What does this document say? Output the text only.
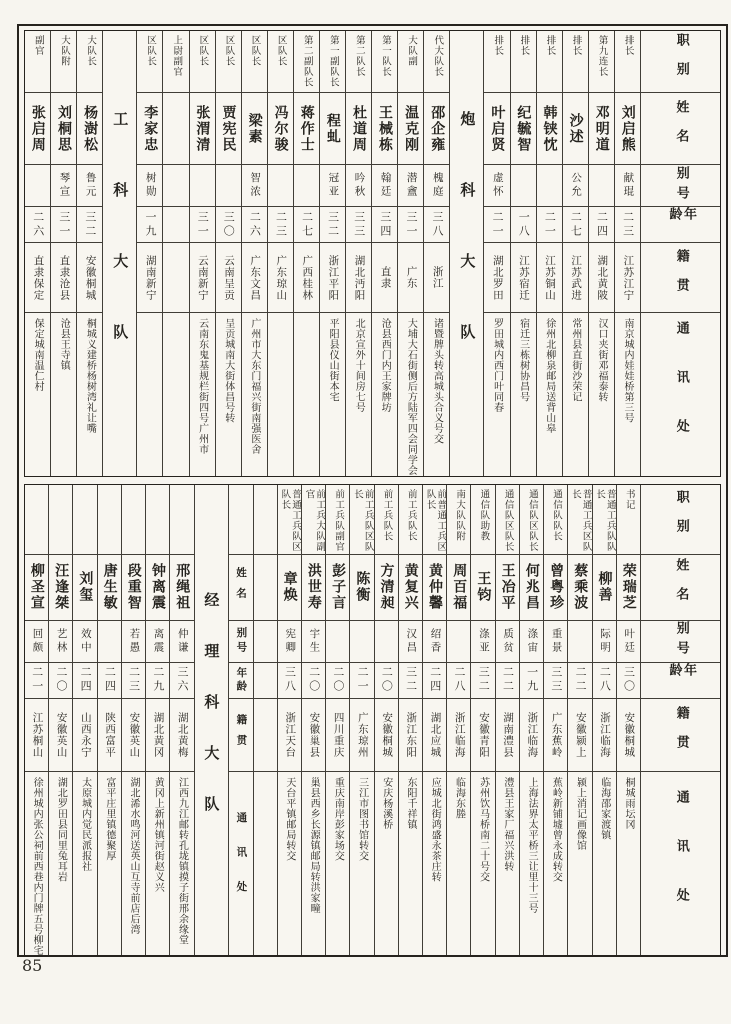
职别
姓名
别号
年龄
籍贯
通讯处
排长
刘启熊
献琨
二三
江苏江宁
南京城内娃娃桥第三号
第九连长
邓明道
二四
湖北黄陂
汉口夹街邓福泰转
排长
沙述
公允
二七
江苏武进
常州县直街沙荣记
排长
韩铗忱
二一
江苏铜山
徐州北柳泉邮局送背山皋
排长
纪毓智
一八
江苏宿迁
宿迁三栋树协昌号
排长
叶启贤
虚怀
二一
湖北罗田
罗田城内西门叶同春
炮科大队
代大队长
邵企雍
槐庭
三八
浙江
诸暨牌头转高城头合义号交
大队副
温克刚
潜盦
三一
广东
大埔大石街侧后方陆军四会同学会
第一队长
王械栋
翰廷
三四
直隶
沧县西门内王家牌坊
第二队长
杜道周
吟秋
三三
湖北沔阳
北京宣外十间房七号
第一副队长
程虬
冠亚
三二
浙江平阳
平阳县仪山街本宅
第二副队长
蒋作士
二七
广西桂林
区队长
冯尔骏
二三
广东琼山
区队长
梁素
智浓
二六
广东文昌
广州市大东门福兴街南强医舍
区队长
贾宪民
三〇
云南呈贡
呈贡城南大街体昌号转
区队长
张渭清
三一
云南新宁
云南东鬼基规栏街四号广州市
上尉副官
区队长
李家忠
树勋
一九
湖南新宁
工科大队
大队长
杨澍松
鲁元
三二
安徽桐城
桐城义建桥杨树湾礼让嘴
大队附
刘桐思
琴宣
三一
直隶沧县
沧县王寺镇
副官
张启周
二六
直隶保定
保定城南温仁村
职别
姓名
别号
年龄
籍贯
通讯处
书记
荣瑞芝
叶廷
三〇
安徽桐城
桐城雨坛冈
普通工兵队队长
柳善
际明
二八
浙江临海
临海邵家渡镇
普通工兵区队长
蔡乘波
二二
安徽颍上
颍上消记画像馆
通信队队长
曾粤珍
重景
三三
广东蕉岭
蕉岭新铺墟曾永成转交
通信队区队长
何兆昌
涤宙
一九
浙江临海
上海法界太平桥三让里十三号
通信队区队长
王冶平
质贫
二二
湖南澧县
澧县王家厂福兴洪转
通信队助教
王钧
涤亚
三二
安徽青阳
苏州饮马桥南二十号交
南大队队附
周百福
二八
浙江临海
临海东塍
前普通工兵区队长
黄仲馨
绍香
二四
湖北应城
应城北街鸿盛永茶庄转
前工兵队长
黄复兴
汉昌
三二
浙江东阳
东阳千祥镇
前工兵队长
方清昶
二〇
安徽桐城
安庆杨溪桥
前工兵队区队长
陈衡
二一
广东琼州
三江市图书馆转交
前工兵队副官
彭子言
二〇
四川重庆
重庆南岸彭家场交
前工兵大队副官
洪世寿
宇生
二〇
安徽巢县
巢县西乡长源镇邮局转洪家疃
普通工兵队区队长
章焕
宪卿
三八
浙江天台
天台平镇邮局转交
姓名
别号
年龄
籍贯
通讯处
经理科大队
邢绳祖
仲谦
三六
湖北黄梅
江西九江邮转孔垅镇摸子街邢余缘堂
钟离震
离震
二九
湖北黄冈
黄冈上新州镇河街赵义兴
段重智
若愚
二三
安徽英山
湖北浠水鸣河送英山互寺前店后湾
唐生敏
二四
陕西富平
富平庄里镇德聚厚
刘玺
效中
二四
山西永宁
太原城内觉民派报社
汪逢桀
艺林
二〇
安徽英山
湖北罗田县同里兔耳岩
柳圣宣
回颇
二一
江苏桐山
徐州城内张公祠前西巷内门牌五号柳宅
85
